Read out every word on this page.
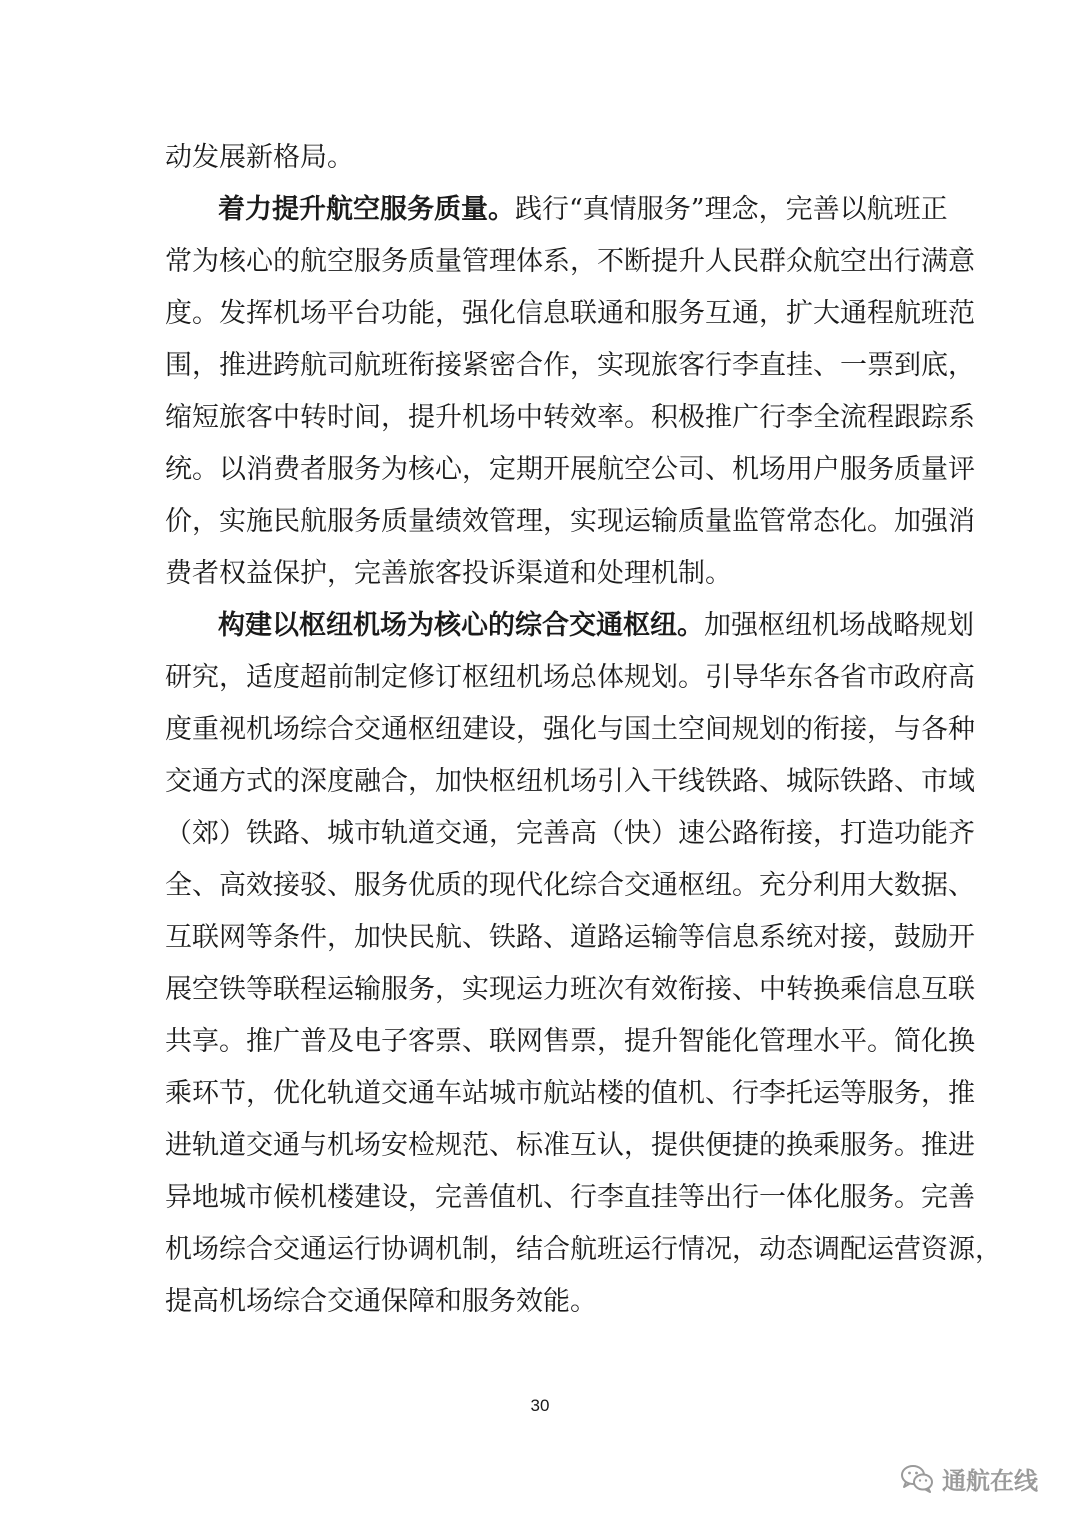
动发展新格局。
着力提升航空服务质量。践行“真情服务”理念，完善以航班正
常为核心的航空服务质量管理体系，不断提升人民群众航空出行满意
度。发挥机场平台功能，强化信息联通和服务互通，扩大通程航班范
围，推进跨航司航班衔接紧密合作，实现旅客行李直挂、一票到底，
缩短旅客中转时间，提升机场中转效率。积极推广行李全流程跟踪系
统。以消费者服务为核心，定期开展航空公司、机场用户服务质量评
价，实施民航服务质量绩效管理，实现运输质量监管常态化。加强消
费者权益保护，完善旅客投诉渠道和处理机制。
构建以枢纽机场为核心的综合交通枢纽。加强枢纽机场战略规划
研究，适度超前制定修订枢纽机场总体规划。引导华东各省市政府高
度重视机场综合交通枢纽建设，强化与国土空间规划的衔接，与各种
交通方式的深度融合，加快枢纽机场引入干线铁路、城际铁路、市域
（郊）铁路、城市轨道交通，完善高（快）速公路衔接，打造功能齐
全、高效接驳、服务优质的现代化综合交通枢纽。充分利用大数据、
互联网等条件，加快民航、铁路、道路运输等信息系统对接，鼓励开
展空铁等联程运输服务，实现运力班次有效衔接、中转换乘信息互联
共享。推广普及电子客票、联网售票，提升智能化管理水平。简化换
乘环节，优化轨道交通车站城市航站楼的值机、行李托运等服务，推
进轨道交通与机场安检规范、标准互认，提供便捷的换乘服务。推进
异地城市候机楼建设，完善值机、行李直挂等出行一体化服务。完善
机场综合交通运行协调机制，结合航班运行情况，动态调配运营资源，
提高机场综合交通保障和服务效能。
30
通航在线
